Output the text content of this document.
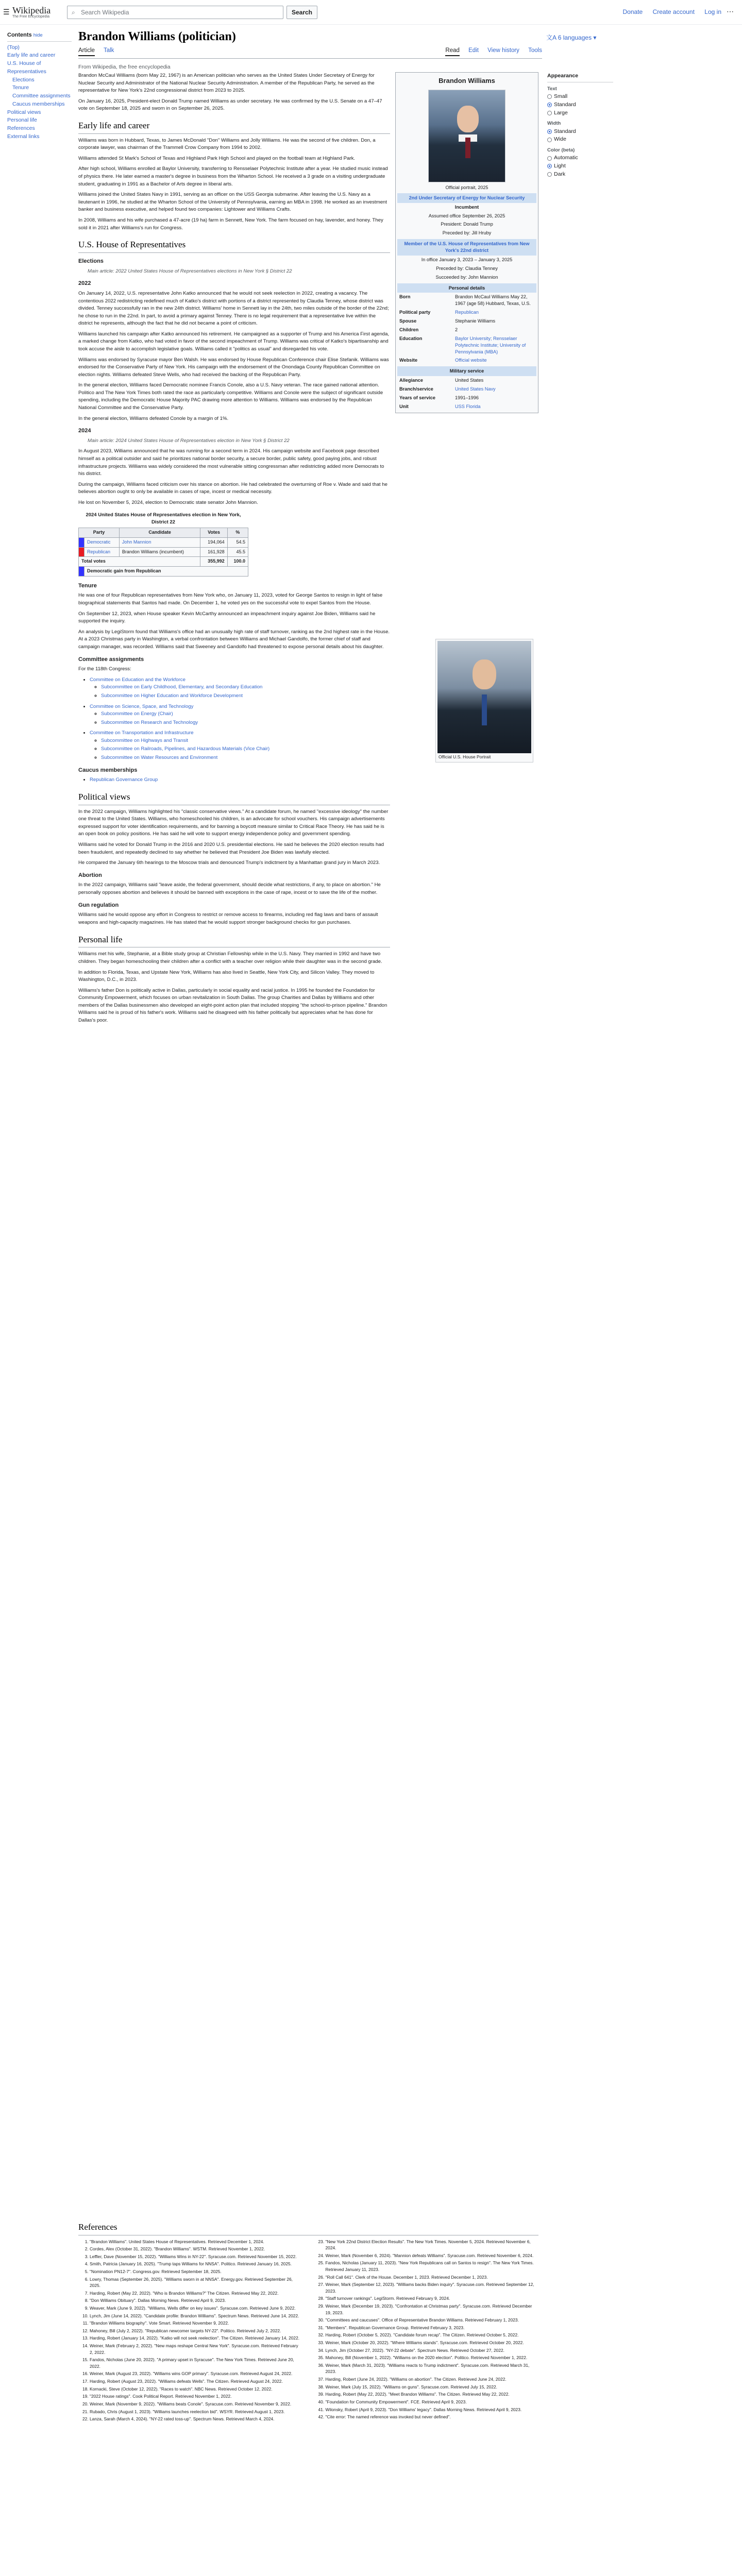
☰ Wikipedia
The Free Encyclopedia
⌕ Search Wikipedia	Search	Donate Create account Log in ⋯
Contents hide
(Top)
Early life and career
U.S. House of Representatives
Elections
Tenure
Committee assignments
Caucus memberships
Political views
Personal life
References
External links
Brandon Williams (politician)	文A 6 languages ▾
Article Talk	Read Edit View history Tools
From Wikipedia, the free encyclopedia

Brandon McCaul Williams (born May 22, 1967) is an American politician who serves as the United States Under Secretary of Energy for Nuclear Security and Administrator of the National Nuclear Security Administration. A member of the Republican Party, he served as the representative for New York's 22nd congressional district from 2023 to 2025.

On January 16, 2025, President-elect Donald Trump named Williams as under secretary. He was confirmed by the U.S. Senate on a 47–47 vote on September 18, 2025 and sworn in on September 26, 2025.

Early life and career

Williams was born in Hubbard, Texas, to James McDonald "Don" Williams and Jolly Williams. He was the second of five children. Don, a corporate lawyer, was chairman of the Trammell Crow Company from 1994 to 2002.

Williams attended St Mark's School of Texas and Highland Park High School and played on the football team at Highland Park.

After high school, Williams enrolled at Baylor University, transferring to Rensselaer Polytechnic Institute after a year. He studied music instead of physics there. He later earned a master's degree in business from the Wharton School. He received a 3 grade on a visiting undergraduate student, graduating in 1991 as a Bachelor of Arts degree in liberal arts.

Williams joined the United States Navy in 1991, serving as an officer on the USS Georgia submarine. After leaving the U.S. Navy as a lieutenant in 1996, he studied at the Wharton School of the University of Pennsylvania, earning an MBA in 1998. He worked as an investment banker and business executive, and helped found two companies: Lightower and Williams Crafts.

In 2008, Williams and his wife purchased a 47-acre (19 ha) farm in Sennett, New York. The farm focused on hay, lavender, and honey. They sold it in 2021 after Williams's run for Congress.

U.S. House of Representatives
Elections
Main article: 2022 United States House of Representatives elections in New York § District 22
2022

On January 14, 2022, U.S. representative John Katko announced that he would not seek reelection in 2022, creating a vacancy. The contentious 2022 redistricting redefined much of Katko's district with portions of a district represented by Claudia Tenney, whose district was divided. Tenney successfully ran in the new 24th district. Williams' home in Sennett lay in the 24th, two miles outside of the border of the 22nd; he chose to run in the 22nd. In part, to avoid a primary against Tenney. There is no legal requirement that a representative live within the district he represents, although the fact that he did not became a point of criticism.

Williams launched his campaign after Katko announced his retirement. He campaigned as a supporter of Trump and his America First agenda, a marked change from Katko, who had voted in favor of the second impeachment of Trump. Williams was critical of Katko's bipartisanship and took accuse the aisle to accomplish legislative goals. Williams called it "politics as usual" and disregarded his vote.

Williams was endorsed by Syracuse mayor Ben Walsh. He was endorsed by House Republican Conference chair Elise Stefanik. Williams was endorsed for the Conservative Party of New York. His campaign with the endorsement of the Onondaga County Republican Committee on election nights. Williams defeated Steve Wells, who had received the backing of the Republican Party.

In the general election, Williams faced Democratic nominee Francis Conole, also a U.S. Navy veteran. The race gained national attention. Politico and The New York Times both rated the race as particularly competitive. Williams and Conole were the subject of significant outside spending, including the Democratic House Majority PAC drawing more attention to Williams. Williams was endorsed by the Republican National Committee and the Conservative Party.

In the general election, Williams defeated Conole by a margin of 1%.

2024
Main article: 2024 United States House of Representatives election in New York § District 22

In August 2023, Williams announced that he was running for a second term in 2024. His campaign website and Facebook page described himself as a political outsider and said he prioritizes national border security, a secure border, public safety, good paying jobs, and robust infrastructure projects. Williams was widely considered the most vulnerable sitting congressman after redistricting added more Democrats to his district.

During the campaign, Williams faced criticism over his stance on abortion. He had celebrated the overturning of Roe v. Wade and said that he believes abortion ought to only be available in cases of rape, incest or medical necessity.

He lost on November 5, 2024, election to Democratic state senator John Mannion.

2024 United States House of Representatives election in New York, District 22
Party		Candidate	Votes	%
	Democratic	John Mannion	194,064	54.5
	Republican	Brandon Williams (incumbent)	161,928	45.5
Total votes			355,992	100.0
	Democratic gain from Republican			
Tenure

He was one of four Republican representatives from New York who, on January 11, 2023, voted for George Santos to resign in light of false biographical statements that Santos had made. On December 1, he voted yes on the successful vote to expel Santos from the House.

On September 12, 2023, when House speaker Kevin McCarthy announced an impeachment inquiry against Joe Biden, Williams said he supported the inquiry.

An analysis by LegiStorm found that Williams's office had an unusually high rate of staff turnover, ranking as the 2nd highest rate in the House. At a 2023 Christmas party in Washington, a verbal confrontation between Williams and Michael Gandolfo, the former chief of staff and campaign manager, was recorded. Williams said that Sweeney and Gandolfo had threatened to expose personal details about his daughter.

Committee assignments

For the 118th Congress:

• Committee on Education and the Workforce
◦ Subcommittee on Early Childhood, Elementary, and Secondary Education
◦ Subcommittee on Higher Education and Workforce Development
• Committee on Science, Space, and Technology
◦ Subcommittee on Energy (Chair)
◦ Subcommittee on Research and Technology
• Committee on Transportation and Infrastructure
◦ Subcommittee on Highways and Transit
◦ Subcommittee on Railroads, Pipelines, and Hazardous Materials (Vice Chair)
◦ Subcommittee on Water Resources and Environment
Caucus memberships
• Republican Governance Group
Political views

In the 2022 campaign, Williams highlighted his "classic conservative views." At a candidate forum, he named "excessive ideology" the number one threat to the United States. Williams, who homeschooled his children, is an advocate for school vouchers. His campaign advertisements expressed support for voter identification requirements, and for banning a boycott measure similar to Critical Race Theory. He has said he is an open book on policy positions. He has said he will vote to support energy independence policy and government spending.

Williams said he voted for Donald Trump in the 2016 and 2020 U.S. presidential elections. He said he believes the 2020 election results had been fraudulent, and repeatedly declined to say whether he believed that President Joe Biden was lawfully elected.

He compared the January 6th hearings to the Moscow trials and denounced Trump's indictment by a Manhattan grand jury in March 2023.

Abortion

In the 2022 campaign, Williams said "leave aside, the federal government, should decide what restrictions, if any, to place on abortion." He personally opposes abortion and believes it should be banned with exceptions in the case of rape, incest or to save the life of the mother.

Gun regulation

Williams said he would oppose any effort in Congress to restrict or remove access to firearms, including red flag laws and bans of assault weapons and high-capacity magazines. He has stated that he would support stronger background checks for gun purchases.

Personal life

Williams met his wife, Stephanie, at a Bible study group at Christian Fellowship while in the U.S. Navy. They married in 1992 and have two children. They began homeschooling their children after a conflict with a teacher over religion while their daughter was in the second grade.

In addition to Florida, Texas, and Upstate New York, Williams has also lived in Seattle, New York City, and Silicon Valley. They moved to Washington, D.C., in 2023.

Williams's father Don is politically active in Dallas, particularly in social equality and racial justice. In 1995 he founded the Foundation for Community Empowerment, which focuses on urban revitalization in South Dallas. The group Charities and Dallas by Williams and other members of the Dallas businessmen also developed an eight-point action plan that included stopping "the school-to-prison pipeline." Brandon Williams said he is proud of his father's work. Williams said he disagreed with his father politically but appreciates what he has done for Dallas's poor.

Brandon Williams
Official portrait, 2025
2nd Under Secretary of Energy for Nuclear Security
Incumbent
Assumed office September 26, 2025
President: Donald Trump
Preceded by: Jill Hruby
Member of the U.S. House of Representatives from New York's 22nd district
In office January 3, 2023 – January 3, 2025
Preceded by: Claudia Tenney
Succeeded by: John Mannion
Personal details
Born	Brandon McCaul Williams May 22, 1967 (age 58) Hubbard, Texas, U.S.
Political party	Republican
Spouse	Stephanie Williams
Children	2
Education	Baylor University; Rensselaer Polytechnic Institute; University of Pennsylvania (MBA)
Website	Official website
Military service
Allegiance	United States
Branch/service	United States Navy
Years of service	1991–1996
Unit	USS Florida
Official U.S. House Portrait
Appearance
Text
Small
Standard
Large
Width
Standard
Wide
Color (beta)
Automatic
Light
Dark
References
1. "Brandon Williams". United States House of Representatives. Retrieved December 1, 2024.
2. Cordes, Alex (October 31, 2022). "Brandon Williams". WSTM. Retrieved November 1, 2022.
3. Leffler, Dave (November 15, 2022). "Williams Wins in NY-22". Syracuse.com. Retrieved November 15, 2022.
4. Smith, Patricia (January 16, 2025). "Trump taps Williams for NNSA". Politico. Retrieved January 16, 2025.
5. "Nomination PN12-7". Congress.gov. Retrieved September 18, 2025.
6. Lowry, Thomas (September 26, 2025). "Williams sworn in at NNSA". Energy.gov. Retrieved September 26, 2025.
7. Harding, Robert (May 22, 2022). "Who is Brandon Williams?" The Citizen. Retrieved May 22, 2022.
8. "Don Williams Obituary". Dallas Morning News. Retrieved April 9, 2023.
9. Weaver, Mark (June 9, 2022). "Williams, Wells differ on key issues". Syracuse.com. Retrieved June 9, 2022.
10. Lynch, Jim (June 14, 2022). "Candidate profile: Brandon Williams". Spectrum News. Retrieved June 14, 2022.
11. "Brandon Williams biography". Vote Smart. Retrieved November 9, 2022.
12. Mahoney, Bill (July 2, 2022). "Republican newcomer targets NY-22". Politico. Retrieved July 2, 2022.
13. Harding, Robert (January 14, 2022). "Katko will not seek reelection". The Citizen. Retrieved January 14, 2022.
14. Weiner, Mark (February 2, 2022). "New maps reshape Central New York". Syracuse.com. Retrieved February 2, 2022.
15. Fandos, Nicholas (June 20, 2022). "A primary upset in Syracuse". The New York Times. Retrieved June 20, 2022.
16. Weiner, Mark (August 23, 2022). "Williams wins GOP primary". Syracuse.com. Retrieved August 24, 2022.
17. Harding, Robert (August 23, 2022). "Williams defeats Wells". The Citizen. Retrieved August 24, 2022.
18. Kornacki, Steve (October 12, 2022). "Races to watch". NBC News. Retrieved October 12, 2022.
19. "2022 House ratings". Cook Political Report. Retrieved November 1, 2022.
20. Weiner, Mark (November 9, 2022). "Williams beats Conole". Syracuse.com. Retrieved November 9, 2022.
21. Rubado, Chris (August 1, 2023). "Williams launches reelection bid". WSYR. Retrieved August 1, 2023.
22. Lanza, Sarah (March 4, 2024). "NY-22 rated toss-up". Spectrum News. Retrieved March 4, 2024.
23. "New York 22nd District Election Results". The New York Times. November 5, 2024. Retrieved November 6, 2024.
24. Weiner, Mark (November 6, 2024). "Mannion defeats Williams". Syracuse.com. Retrieved November 6, 2024.
25. Fandos, Nicholas (January 11, 2023). "New York Republicans call on Santos to resign". The New York Times. Retrieved January 11, 2023.
26. "Roll Call 641". Clerk of the House. December 1, 2023. Retrieved December 1, 2023.
27. Weiner, Mark (September 12, 2023). "Williams backs Biden inquiry". Syracuse.com. Retrieved September 12, 2023.
28. "Staff turnover rankings". LegiStorm. Retrieved February 9, 2024.
29. Weiner, Mark (December 19, 2023). "Confrontation at Christmas party". Syracuse.com. Retrieved December 19, 2023.
30. "Committees and caucuses". Office of Representative Brandon Williams. Retrieved February 1, 2023.
31. "Members". Republican Governance Group. Retrieved February 3, 2023.
32. Harding, Robert (October 5, 2022). "Candidate forum recap". The Citizen. Retrieved October 5, 2022.
33. Weiner, Mark (October 20, 2022). "Where Williams stands". Syracuse.com. Retrieved October 20, 2022.
34. Lynch, Jim (October 27, 2022). "NY-22 debate". Spectrum News. Retrieved October 27, 2022.
35. Mahoney, Bill (November 1, 2022). "Williams on the 2020 election". Politico. Retrieved November 1, 2022.
36. Weiner, Mark (March 31, 2023). "Williams reacts to Trump indictment". Syracuse.com. Retrieved March 31, 2023.
37. Harding, Robert (June 24, 2022). "Williams on abortion". The Citizen. Retrieved June 24, 2022.
38. Weiner, Mark (July 15, 2022). "Williams on guns". Syracuse.com. Retrieved July 15, 2022.
39. Harding, Robert (May 22, 2022). "Meet Brandon Williams". The Citizen. Retrieved May 22, 2022.
40. "Foundation for Community Empowerment". FCE. Retrieved April 9, 2023.
41. Wilonsky, Robert (April 9, 2023). "Don Williams' legacy". Dallas Morning News. Retrieved April 9, 2023.
42. "Cite error: The named reference was invoked but never defined".
